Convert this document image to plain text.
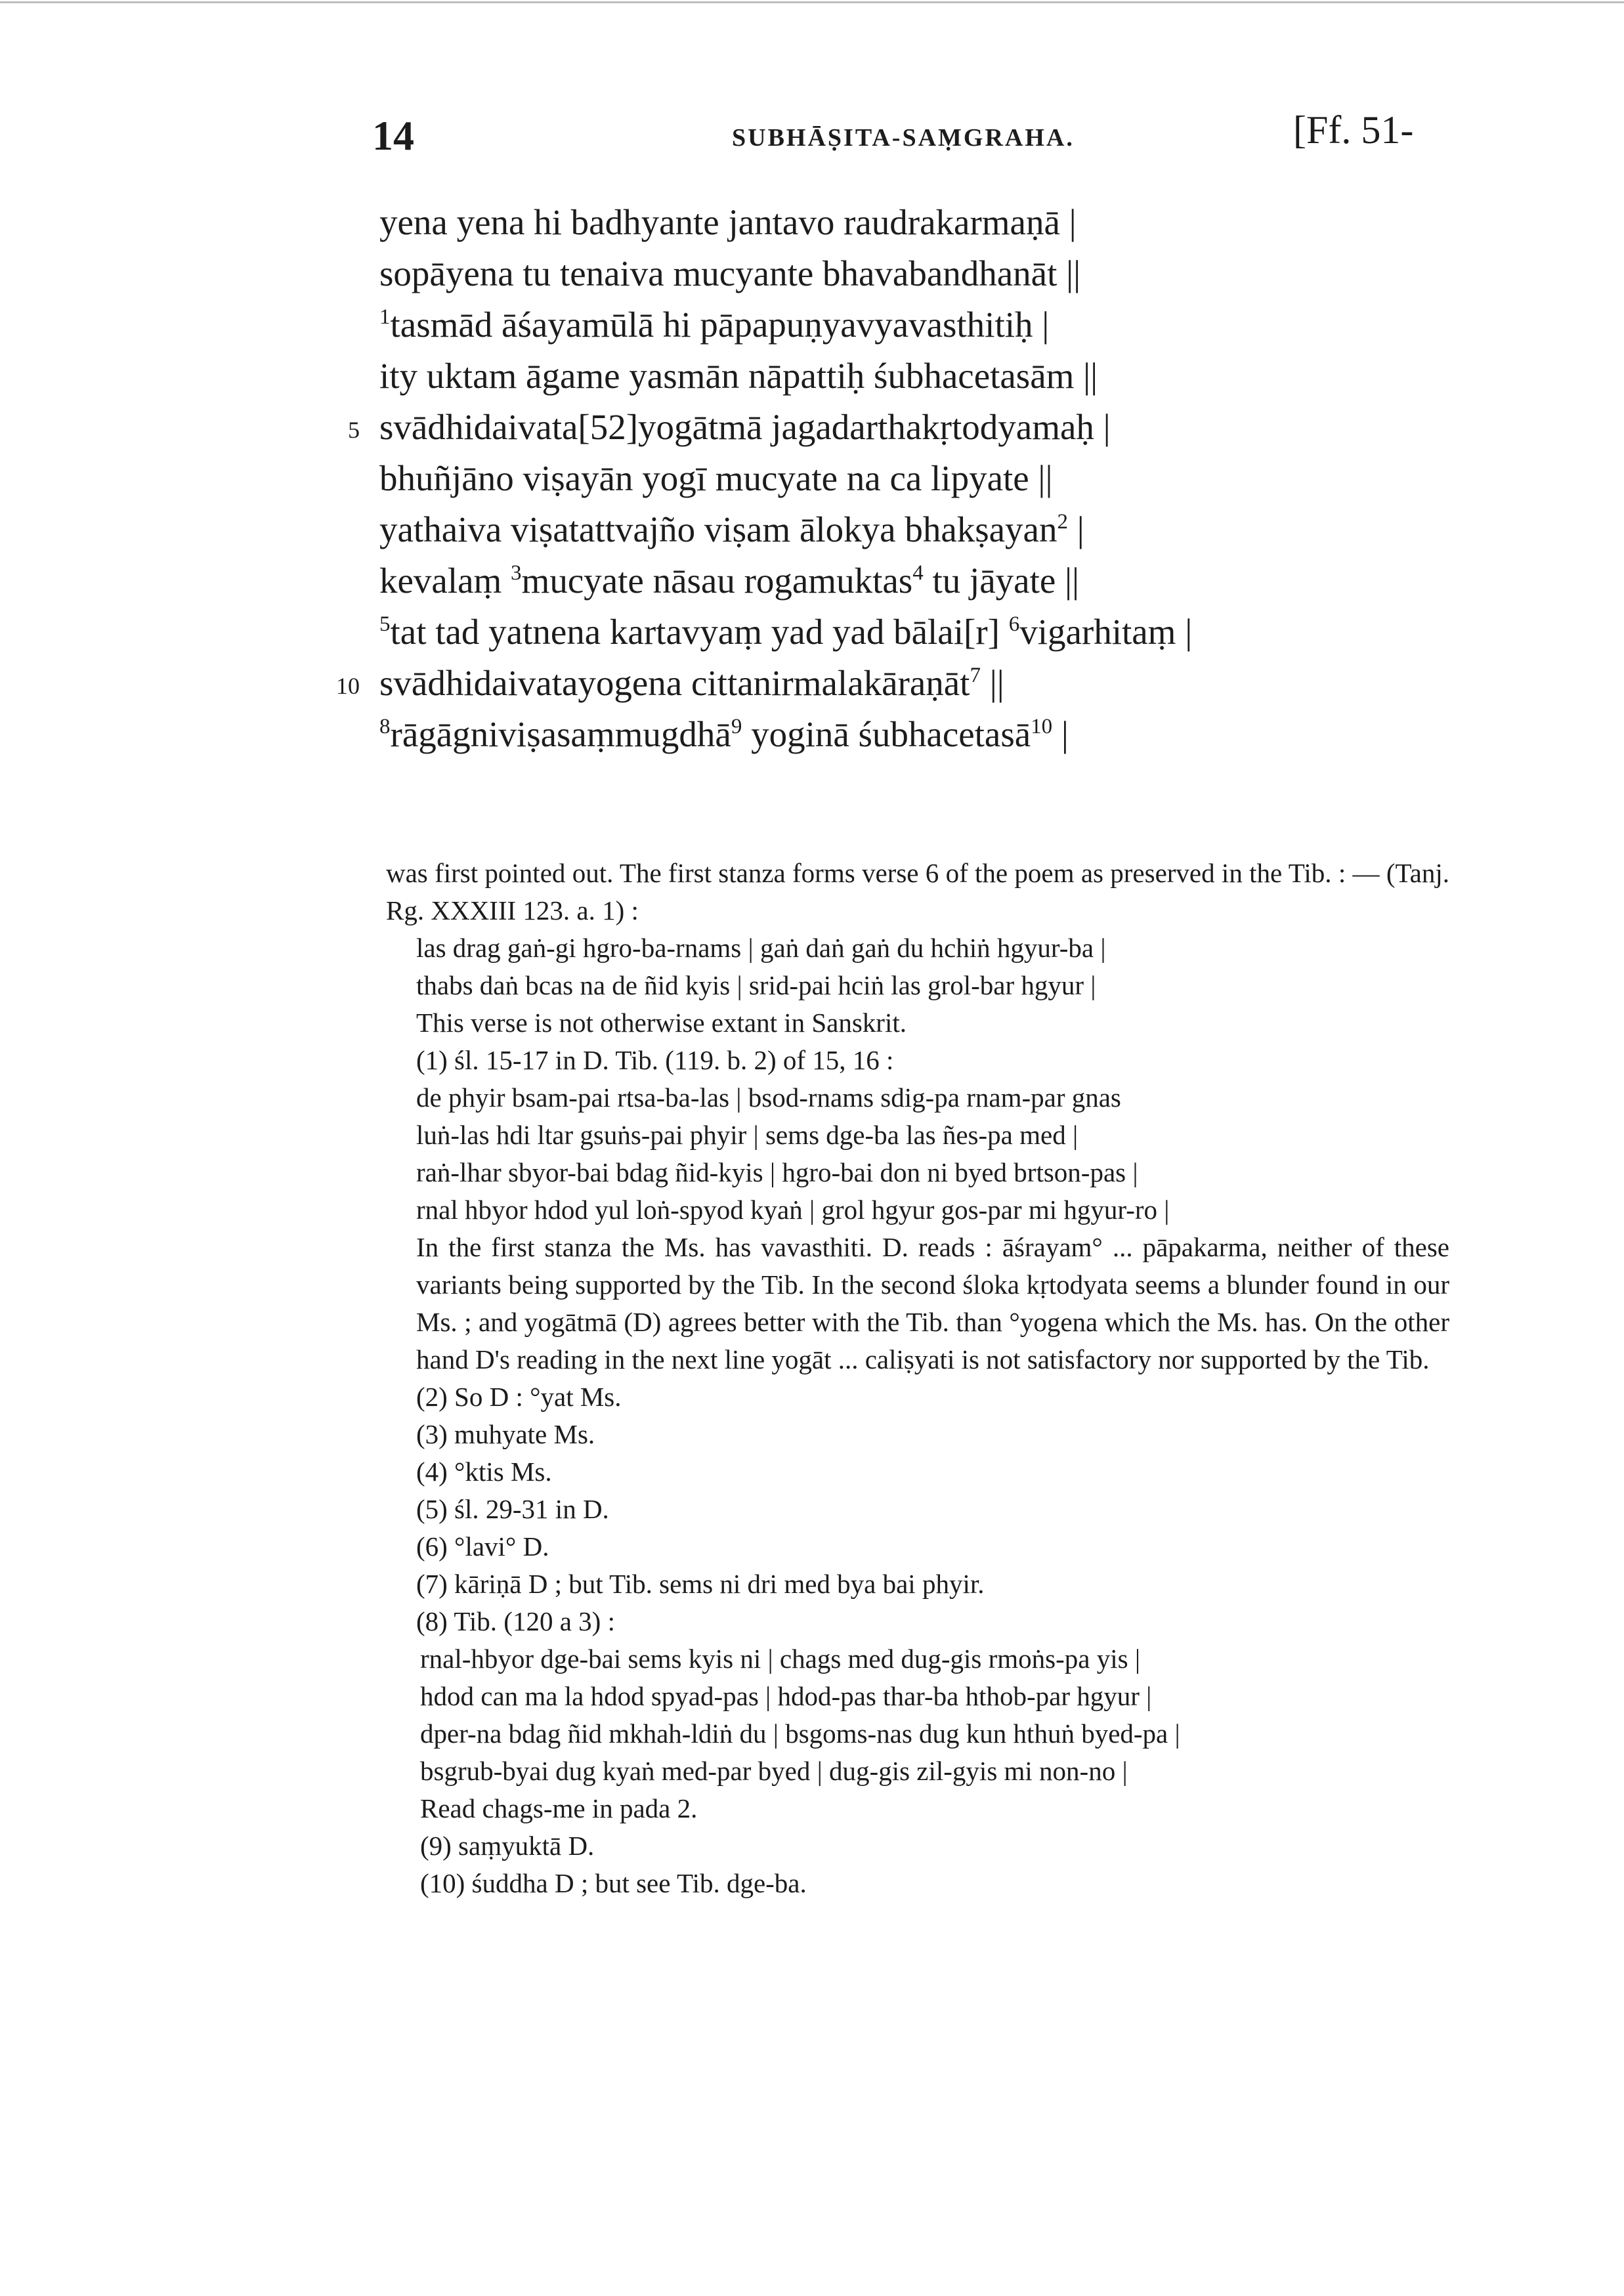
14	SUBHĀṢITA-SAṂGRAHA.	[Ff. 51-
yena yena hi badhyante jantavo raudrakarmaṇā |
sopāyena tu tenaiva mucyante bhavabandhanāt ||
$^1$tasmād āśayamūlā hi pāpapuṇyavyavasthitiḥ |
ity uktam āgame yasmān nāpattiḥ śubhacetasām ||
5 svādhidaivata[52]yogātmā jagadarthakṛtodyamaḥ |
bhuñjāno viṣayān yogī mucyate na ca lipyate ||
yathaiva viṣatattvajño viṣam ālokya bhakṣayan$^2$ |
kevalaṃ $^3$mucyate nāsau rogamuktas$^4$ tu jāyate ||
$^5$tat tad yatnena kartavyaṃ yad yad bālai[r] $^6$vigarhitaṃ |
10 svādhidaivatayogena cittanirmalakāraṇāt$^7$ ||
$^8$rāgāgniviṣasaṃmugdhā$^9$ yoginā śubhacetasā$^{10}$ |

was first pointed out. The first stanza forms verse 6 of the poem as preserved in the Tib. : — (Tanj. Rg. XXXIII 123. a. 1) :

las drag gaṅ-gi hgro-ba-rnams | gaṅ daṅ gaṅ du hchiṅ hgyur-ba |

thabs daṅ bcas na de ñid kyis | srid-pai hciṅ las grol-bar hgyur |

This verse is not otherwise extant in Sanskrit.

(1) śl. 15-17 in D. Tib. (119. b. 2) of 15, 16 :

de phyir bsam-pai rtsa-ba-las | bsod-rnams sdig-pa rnam-par gnas

luṅ-las hdi ltar gsuṅs-pai phyir | sems dge-ba las ñes-pa med |

raṅ-lhar sbyor-bai bdag ñid-kyis | hgro-bai don ni byed brtson-pas |

rnal hbyor hdod yul loṅ-spyod kyaṅ | grol hgyur gos-par mi hgyur-ro |

In the first stanza the Ms. has vavasthiti. D. reads : āśrayam° ... pāpakarma, neither of these variants being supported by the Tib. In the second śloka kṛtodyata seems a blunder found in our Ms. ; and yogātmā (D) agrees better with the Tib. than °yogena which the Ms. has. On the other hand D's reading in the next line yogāt ... caliṣyati is not satisfactory nor supported by the Tib.

(2) So D : °yat Ms.

(3) muhyate Ms.

(4) °ktis Ms.

(5) śl. 29-31 in D.

(6) °lavi° D.

(7) kāriṇā D ; but Tib. sems ni dri med bya bai phyir.

(8) Tib. (120 a 3) :

rnal-hbyor dge-bai sems kyis ni | chags med dug-gis rmoṅs-pa yis |

hdod can ma la hdod spyad-pas | hdod-pas thar-ba hthob-par hgyur |

dper-na bdag ñid mkhah-ldiṅ du | bsgoms-nas dug kun hthuṅ byed-pa |

bsgrub-byai dug kyaṅ med-par byed | dug-gis zil-gyis mi non-no |

Read chags-me in pada 2.

(9) saṃyuktā D.

(10) śuddha D ; but see Tib. dge-ba.
